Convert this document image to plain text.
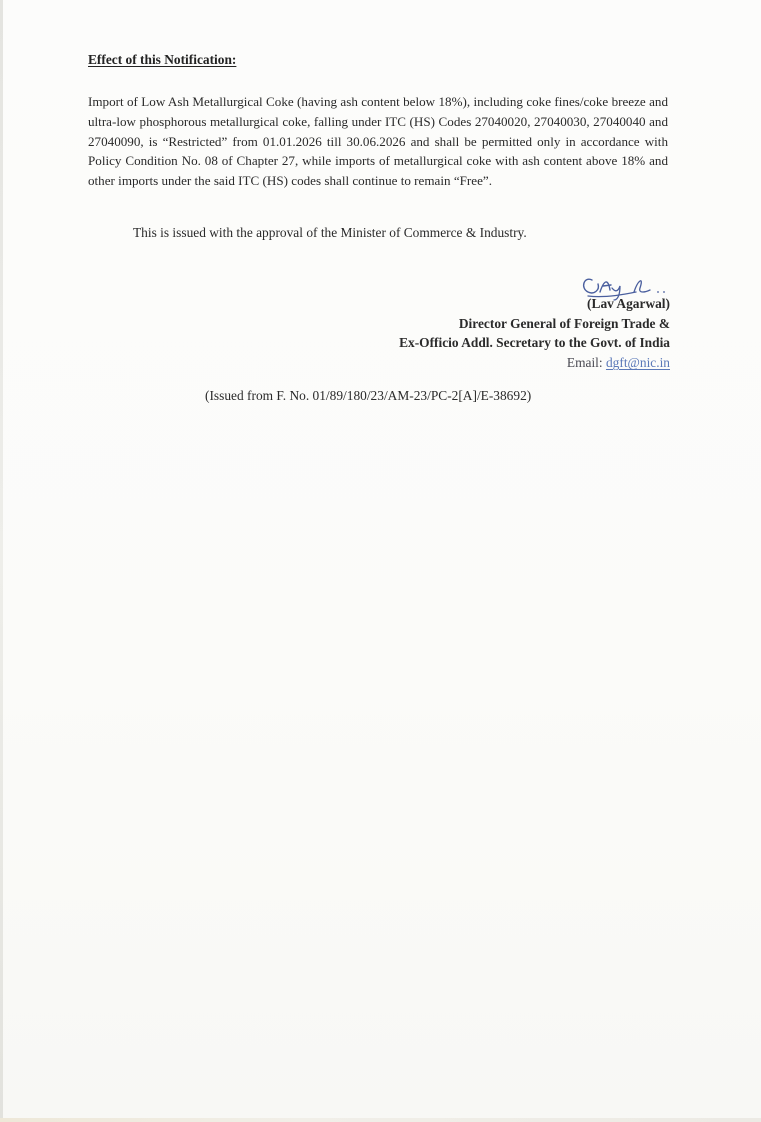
Effect of this Notification:

Import of Low Ash Metallurgical Coke (having ash content below 18%), including coke fines/coke breeze and ultra-low phosphorous metallurgical coke, falling under ITC (HS) Codes 27040020, 27040030, 27040040 and 27040090, is “Restricted” from 01.01.2026 till 30.06.2026 and shall be permitted only in accordance with Policy Condition No. 08 of Chapter 27, while imports of metallurgical coke with ash content above 18% and other imports under the said ITC (HS) codes shall continue to remain “Free”.

This is issued with the approval of the Minister of Commerce & Industry.

(Lav Agarwal)
Director General of Foreign Trade &
Ex-Officio Addl. Secretary to the Govt. of India
Email: dgft@nic.in

(Issued from F. No. 01/89/180/23/AM-23/PC-2[A]/E-38692)
